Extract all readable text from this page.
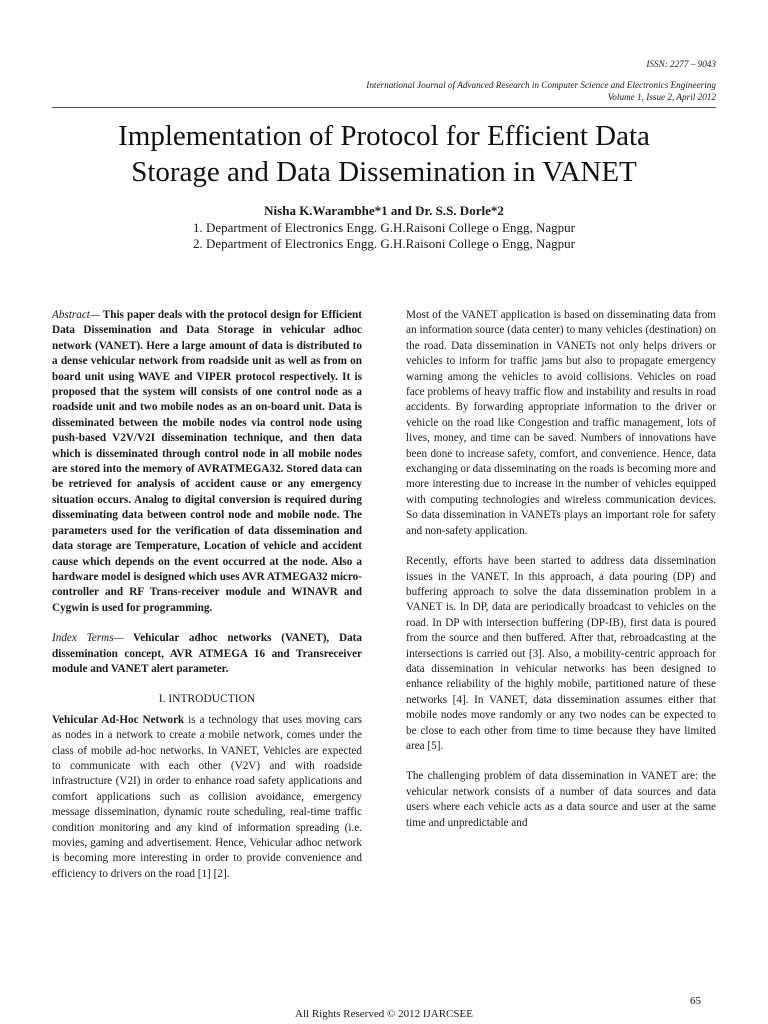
ISSN: 2277 – 9043
International Journal of Advanced Research in Computer Science and Electronics Engineering
Volume 1, Issue 2, April 2012
Implementation of Protocol for Efficient Data
Storage and Data Dissemination in VANET
Nisha K.Warambhe*1 and Dr. S.S. Dorle*2
1. Department of Electronics Engg. G.H.Raisoni College o Engg, Nagpur
2. Department of Electronics Engg. G.H.Raisoni College o Engg, Nagpur

Abstract— This paper deals with the protocol design for Efficient Data Dissemination and Data Storage in vehicular adhoc network (VANET). Here a large amount of data is distributed to a dense vehicular network from roadside unit as well as from on board unit using WAVE and VIPER protocol respectively. It is proposed that the system will consists of one control node as a roadside unit and two mobile nodes as an on-board unit. Data is disseminated between the mobile nodes via control node using push-based V2V/V2I dissemination technique, and then data which is disseminated through control node in all mobile nodes are stored into the memory of AVRATMEGA32. Stored data can be retrieved for analysis of accident cause or any emergency situation occurs. Analog to digital conversion is required during disseminating data between control node and mobile node. The parameters used for the verification of data dissemination and data storage are Temperature, Location of vehicle and accident cause which depends on the event occurred at the node. Also a hardware model is designed which uses AVR ATMEGA32 micro-controller and RF Trans-receiver module and WINAVR and Cygwin is used for programming.

Index Terms— Vehicular adhoc networks (VANET), Data dissemination concept, AVR ATMEGA 16 and Transreceiver module and VANET alert parameter.

I. INTRODUCTION

Vehicular Ad-Hoc Network is a technology that uses moving cars as nodes in a network to create a mobile network, comes under the class of mobile ad-hoc networks. In VANET, Vehicles are expected to communicate with each other (V2V) and with roadside infrastructure (V2I) in order to enhance road safety applications and comfort applications such as collision avoidance, emergency message dissemination, dynamic route scheduling, real-time traffic condition monitoring and any kind of information spreading (i.e. movies, gaming and advertisement. Hence, Vehicular adhoc network is becoming more interesting in order to provide convenience and efficiency to drivers on the road [1] [2].

Most of the VANET application is based on disseminating data from an information source (data center) to many vehicles (destination) on the road. Data dissemination in VANETs not only helps drivers or vehicles to inform for traffic jams but also to propagate emergency warning among the vehicles to avoid collisions. Vehicles on road face problems of heavy traffic flow and instability and results in road accidents. By forwarding appropriate information to the driver or vehicle on the road like Congestion and traffic management, lots of lives, money, and time can be saved. Numbers of innovations have been done to increase safety, comfort, and convenience. Hence, data exchanging or data disseminating on the roads is becoming more and more interesting due to increase in the number of vehicles equipped with computing technologies and wireless communication devices. So data dissemination in VANETs plays an important role for safety and non-safety application.

Recently, efforts have been started to address data dissemination issues in the VANET. In this approach, a data pouring (DP) and buffering approach to solve the data dissemination problem in a VANET is. In DP, data are periodically broadcast to vehicles on the road. In DP with intersection buffering (DP-IB), first data is poured from the source and then buffered. After that, rebroadcasting at the intersections is carried out [3]. Also, a mobility-centric approach for data dissemination in vehicular networks has been designed to enhance reliability of the highly mobile, partitioned nature of these networks [4]. In VANET, data dissemination assumes either that mobile nodes move randomly or any two nodes can be expected to be close to each other from time to time because they have limited area [5].

The challenging problem of data dissemination in VANET are: the vehicular network consists of a number of data sources and data users where each vehicle acts as a data source and user at the same time and unpredictable and

65
All Rights Reserved © 2012 IJARCSEE
